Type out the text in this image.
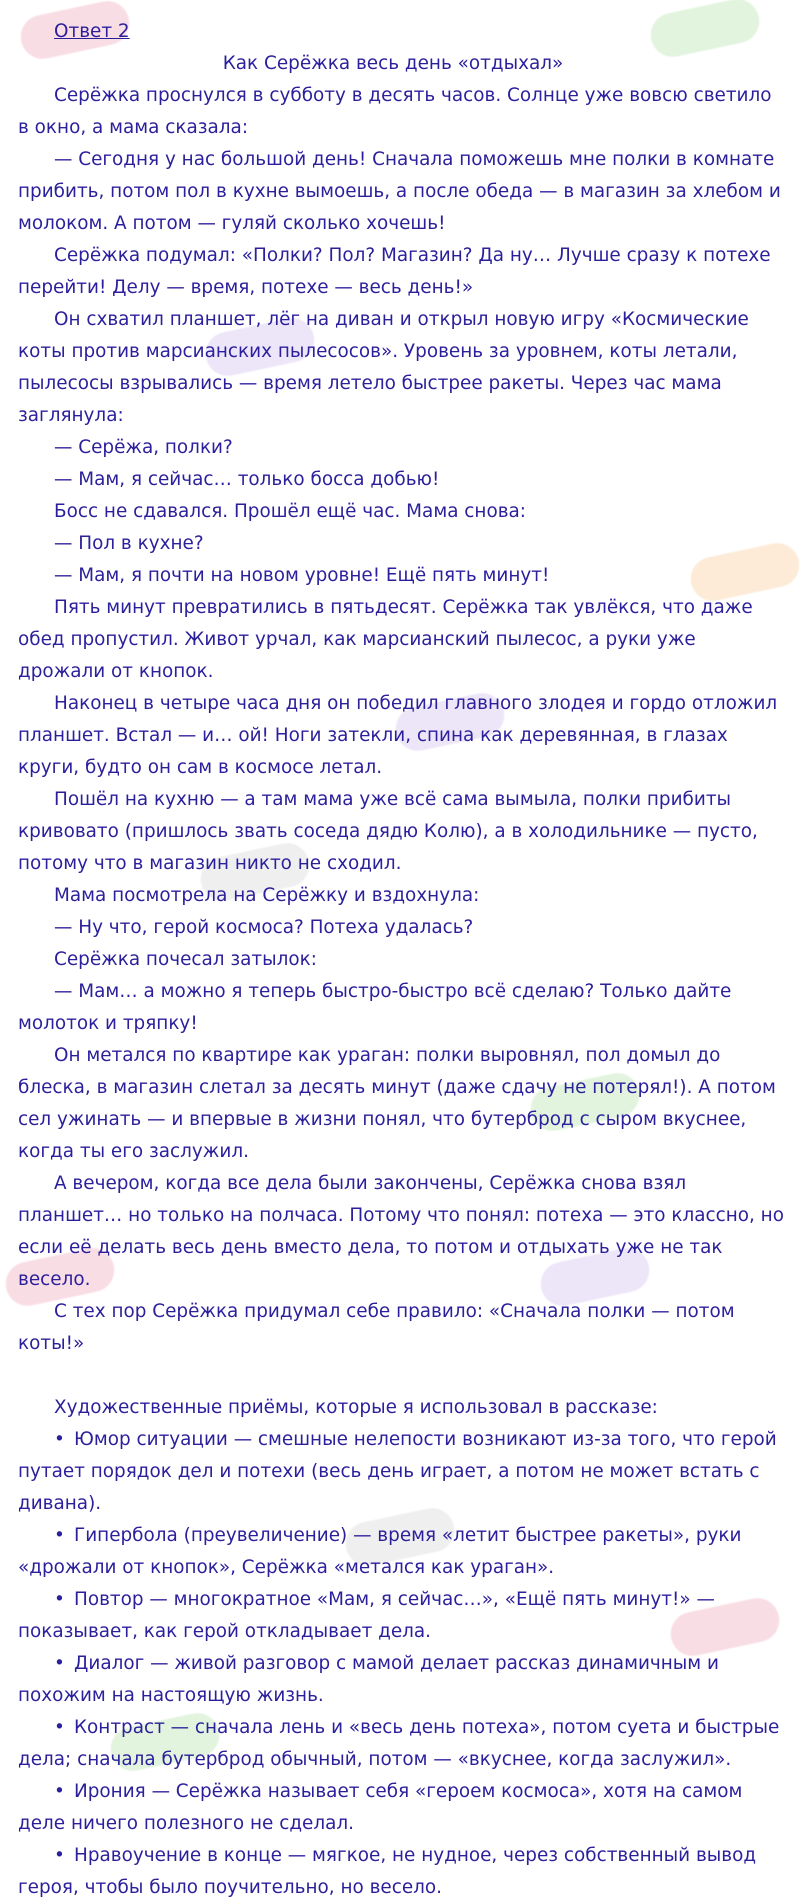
Ответ 2
Как Серёжка весь день «отдыхал»

Серёжка проснулся в субботу в десять часов. Солнце уже вовсю светило в окно, а мама сказала:

— Сегодня у нас большой день! Сначала поможешь мне полки в комнате прибить, потом пол в кухне вымоешь, а после обеда — в магазин за хлебом и молоком. А потом — гуляй сколько хочешь!

Серёжка подумал: «Полки? Пол? Магазин? Да ну… Лучше сразу к потехе перейти! Делу — время, потехе — весь день!»

Он схватил планшет, лёг на диван и открыл новую игру «Космические коты против марсианских пылесосов». Уровень за уровнем, коты летали, пылесосы взрывались — время летело быстрее ракеты. Через час мама заглянула:

— Серёжа, полки?

— Мам, я сейчас… только босса добью!

Босс не сдавался. Прошёл ещё час. Мама снова:

— Пол в кухне?

— Мам, я почти на новом уровне! Ещё пять минут!

Пять минут превратились в пятьдесят. Серёжка так увлёкся, что даже обед пропустил. Живот урчал, как марсианский пылесос, а руки уже дрожали от кнопок.

Наконец в четыре часа дня он победил главного злодея и гордо отложил планшет. Встал — и… ой! Ноги затекли, спина как деревянная, в глазах круги, будто он сам в космосе летал.

Пошёл на кухню — а там мама уже всё сама вымыла, полки прибиты кривовато (пришлось звать соседа дядю Колю), а в холодильнике — пусто, потому что в магазин никто не сходил.

Мама посмотрела на Серёжку и вздохнула:

— Ну что, герой космоса? Потеха удалась?

Серёжка почесал затылок:

— Мам… а можно я теперь быстро-быстро всё сделаю? Только дайте молоток и тряпку!

Он метался по квартире как ураган: полки выровнял, пол домыл до блеска, в магазин слетал за десять минут (даже сдачу не потерял!). А потом сел ужинать — и впервые в жизни понял, что бутерброд с сыром вкуснее, когда ты его заслужил.

А вечером, когда все дела были закончены, Серёжка снова взял планшет… но только на полчаса. Потому что понял: потеха — это классно, но если её делать весь день вместо дела, то потом и отдыхать уже не так весело.

С тех пор Серёжка придумал себе правило: «Сначала полки — потом коты!»

Художественные приёмы, которые я использовал в рассказе:

• Юмор ситуации — смешные нелепости возникают из-за того, что герой путает порядок дел и потехи (весь день играет, а потом не может встать с дивана).
• Гипербола (преувеличение) — время «летит быстрее ракеты», руки «дрожали от кнопок», Серёжка «метался как ураган».
• Повтор — многократное «Мам, я сейчас…», «Ещё пять минут!» — показывает, как герой откладывает дела.
• Диалог — живой разговор с мамой делает рассказ динамичным и похожим на настоящую жизнь.
• Контраст — сначала лень и «весь день потеха», потом суета и быстрые дела; сначала бутерброд обычный, потом — «вкуснее, когда заслужил».
• Ирония — Серёжка называет себя «героем космоса», хотя на самом деле ничего полезного не сделал.
• Нравоучение в конце — мягкое, не нудное, через собственный вывод героя, чтобы было поучительно, но весело.
